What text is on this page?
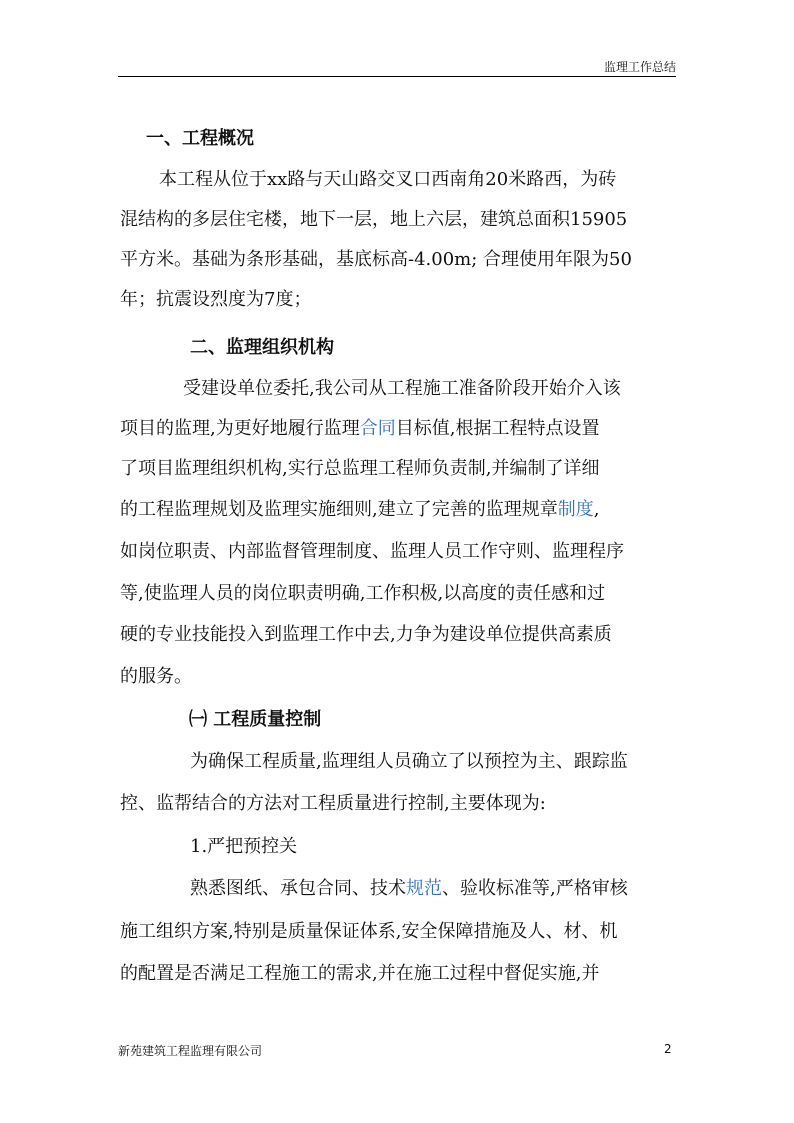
监理工作总结
一、工程概况
本工程从位于xx路与天山路交叉口西南角20米路西，为砖
混结构的多层住宅楼，地下一层，地上六层，建筑总面积15905
平方米。基础为条形基础，基底标高-4.00m; 合理使用年限为50
年；抗震设烈度为7度；
二、监理组织机构
受建设单位委托,我公司从工程施工准备阶段开始介入该
项目的监理,为更好地履行监理合同目标值,根据工程特点设置
了项目监理组织机构,实行总监理工程师负责制,并编制了详细
的工程监理规划及监理实施细则,建立了完善的监理规章制度,
如岗位职责、内部监督管理制度、监理人员工作守则、监理程序
等,使监理人员的岗位职责明确,工作积极,以高度的责任感和过
硬的专业技能投入到监理工作中去,力争为建设单位提供高素质
的服务。
㈠ 工程质量控制
为确保工程质量,监理组人员确立了以预控为主、跟踪监
控、监帮结合的方法对工程质量进行控制,主要体现为:
1.严把预控关
熟悉图纸、承包合同、技术规范、验收标准等,严格审核
施工组织方案,特别是质量保证体系,安全保障措施及人、材、机
的配置是否满足工程施工的需求,并在施工过程中督促实施,并
新苑建筑工程监理有限公司	2
